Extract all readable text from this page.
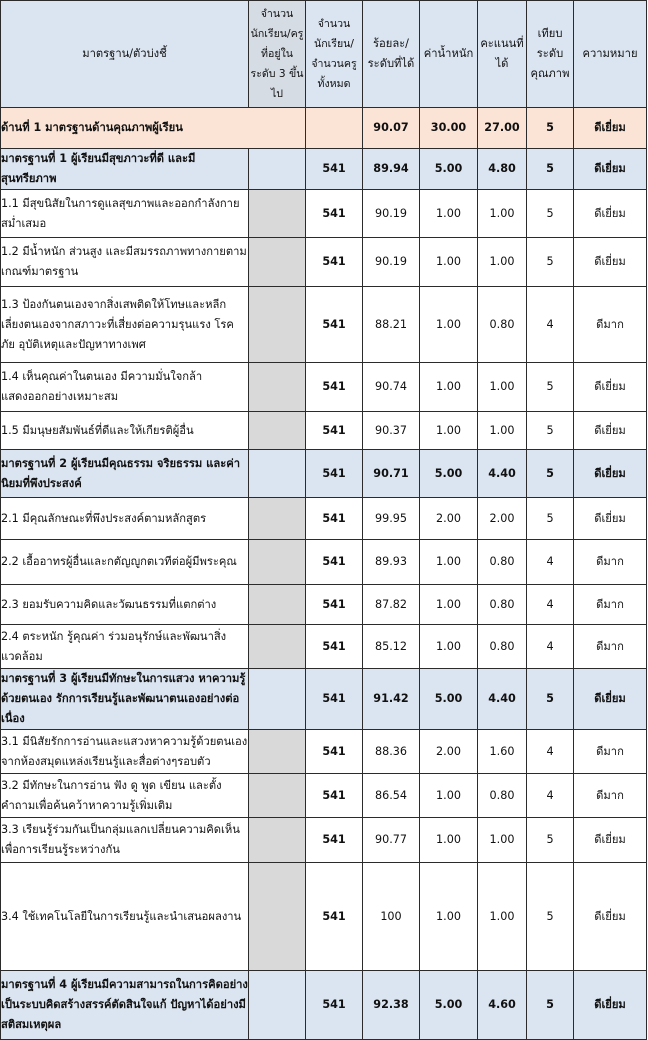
มาตรฐาน/ตัวบ่งชี้	จำนวนนักเรียน/ครูที่อยู่ในระดับ 3 ขึ้นไป	จำนวนนักเรียน/จำนวนครูทั้งหมด	ร้อยละ/ระดับที่ได้	ค่าน้ำหนัก	คะแนนที่ได้	เทียบระดับคุณภาพ	ความหมาย
ด้านที่ 1 มาตรฐานด้านคุณภาพผู้เรียน			90.07	30.00	27.00	5	ดีเยี่ยม
มาตรฐานที่ 1 ผู้เรียนมีสุขภาวะที่ดี และมีสุนทรียภาพ		541	89.94	5.00	4.80	5	ดีเยี่ยม
1.1 มีสุขนิสัยในการดูแลสุขภาพและออกกำลังกายสม่ำเสมอ		541	90.19	1.00	1.00	5	ดีเยี่ยม
1.2 มีน้ำหนัก ส่วนสูง และมีสมรรถภาพทางกายตามเกณฑ์มาตรฐาน		541	90.19	1.00	1.00	5	ดีเยี่ยม
1.3 ป้องกันตนเองจากสิ่งเสพติดให้โทษและหลีกเลี่ยงตนเองจากสภาวะที่เสี่ยงต่อความรุนแรง โรค ภัย อุบัติเหตุและปัญหาทางเพศ		541	88.21	1.00	0.80	4	ดีมาก
1.4 เห็นคุณค่าในตนเอง มีความมั่นใจกล้าแสดงออกอย่างเหมาะสม		541	90.74	1.00	1.00	5	ดีเยี่ยม
1.5 มีมนุษยสัมพันธ์ที่ดีและให้เกียรติผู้อื่น		541	90.37	1.00	1.00	5	ดีเยี่ยม
มาตรฐานที่ 2 ผู้เรียนมีคุณธรรม จริยธรรม และค่านิยมที่พึงประสงค์		541	90.71	5.00	4.40	5	ดีเยี่ยม
2.1 มีคุณลักษณะที่พึงประสงค์ตามหลักสูตร		541	99.95	2.00	2.00	5	ดีเยี่ยม
2.2 เอื้ออาทรผู้อื่นและกตัญญูกตเวทีต่อผู้มีพระคุณ		541	89.93	1.00	0.80	4	ดีมาก
2.3 ยอมรับความคิดและวัฒนธรรมที่แตกต่าง		541	87.82	1.00	0.80	4	ดีมาก
2.4 ตระหนัก รู้คุณค่า ร่วมอนุรักษ์และพัฒนาสิ่งแวดล้อม		541	85.12	1.00	0.80	4	ดีมาก
มาตรฐานที่ 3 ผู้เรียนมีทักษะในการแสวง หาความรู้ด้วยตนเอง รักการเรียนรู้และพัฒนาตนเองอย่างต่อเนื่อง		541	91.42	5.00	4.40	5	ดีเยี่ยม
3.1 มีนิสัยรักการอ่านและแสวงหาความรู้ด้วยตนเองจากห้องสมุดแหล่งเรียนรู้และสื่อต่างๆรอบตัว		541	88.36	2.00	1.60	4	ดีมาก
3.2 มีทักษะในการอ่าน ฟัง ดู พูด เขียน และตั้งคำถามเพื่อค้นคว้าหาความรู้เพิ่มเติม		541	86.54	1.00	0.80	4	ดีมาก
3.3 เรียนรู้ร่วมกันเป็นกลุ่มแลกเปลี่ยนความคิดเห็นเพื่อการเรียนรู้ระหว่างกัน		541	90.77	1.00	1.00	5	ดีเยี่ยม
3.4 ใช้เทคโนโลยีในการเรียนรู้และนำเสนอผลงาน		541	100	1.00	1.00	5	ดีเยี่ยม
มาตรฐานที่ 4 ผู้เรียนมีความสามารถในการคิดอย่างเป็นระบบคิดสร้างสรรค์ตัดสินใจแก้ ปัญหาได้อย่างมีสติสมเหตุผล		541	92.38	5.00	4.60	5	ดีเยี่ยม
